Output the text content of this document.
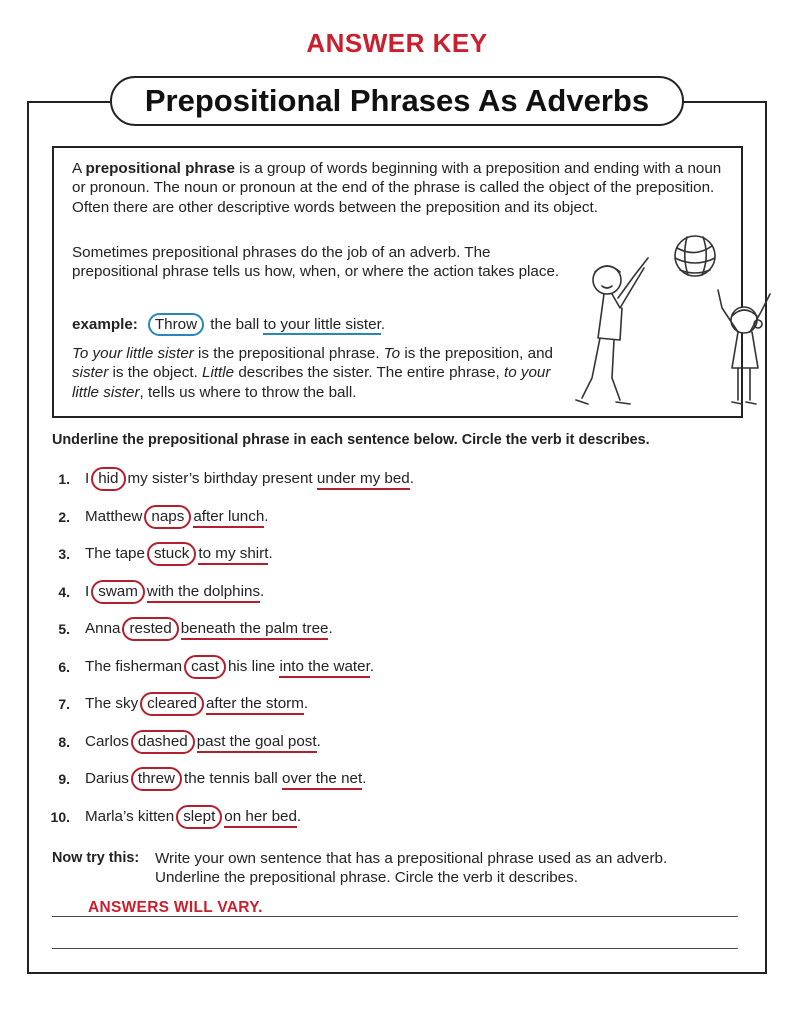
ANSWER KEY
Prepositional Phrases As Adverbs
A prepositional phrase is a group of words beginning with a preposition and ending with a noun or pronoun. The noun or pronoun at the end of the phrase is called the object of the preposition. Often there are other descriptive words between the preposition and its object.
Sometimes prepositional phrases do the job of an adverb. The prepositional phrase tells us how, when, or where the action takes place.
example: Throw the ball to your little sister.
To your little sister is the prepositional phrase. To is the preposition, and sister is the object. Little describes the sister. The entire phrase, to your little sister, tells us where to throw the ball.
Underline the prepositional phrase in each sentence below. Circle the verb it describes.
1. I hid my sister’s birthday present under my bed.
2. Matthew naps after lunch.
3. The tape stuck to my shirt.
4. I swam with the dolphins.
5. Anna rested beneath the palm tree.
6. The fisherman cast his line into the water.
7. The sky cleared after the storm.
8. Carlos dashed past the goal post.
9. Darius threw the tennis ball over the net.
10. Marla’s kitten slept on her bed.
Now try this: Write your own sentence that has a prepositional phrase used as an adverb. Underline the prepositional phrase. Circle the verb it describes.
ANSWERS WILL VARY.
